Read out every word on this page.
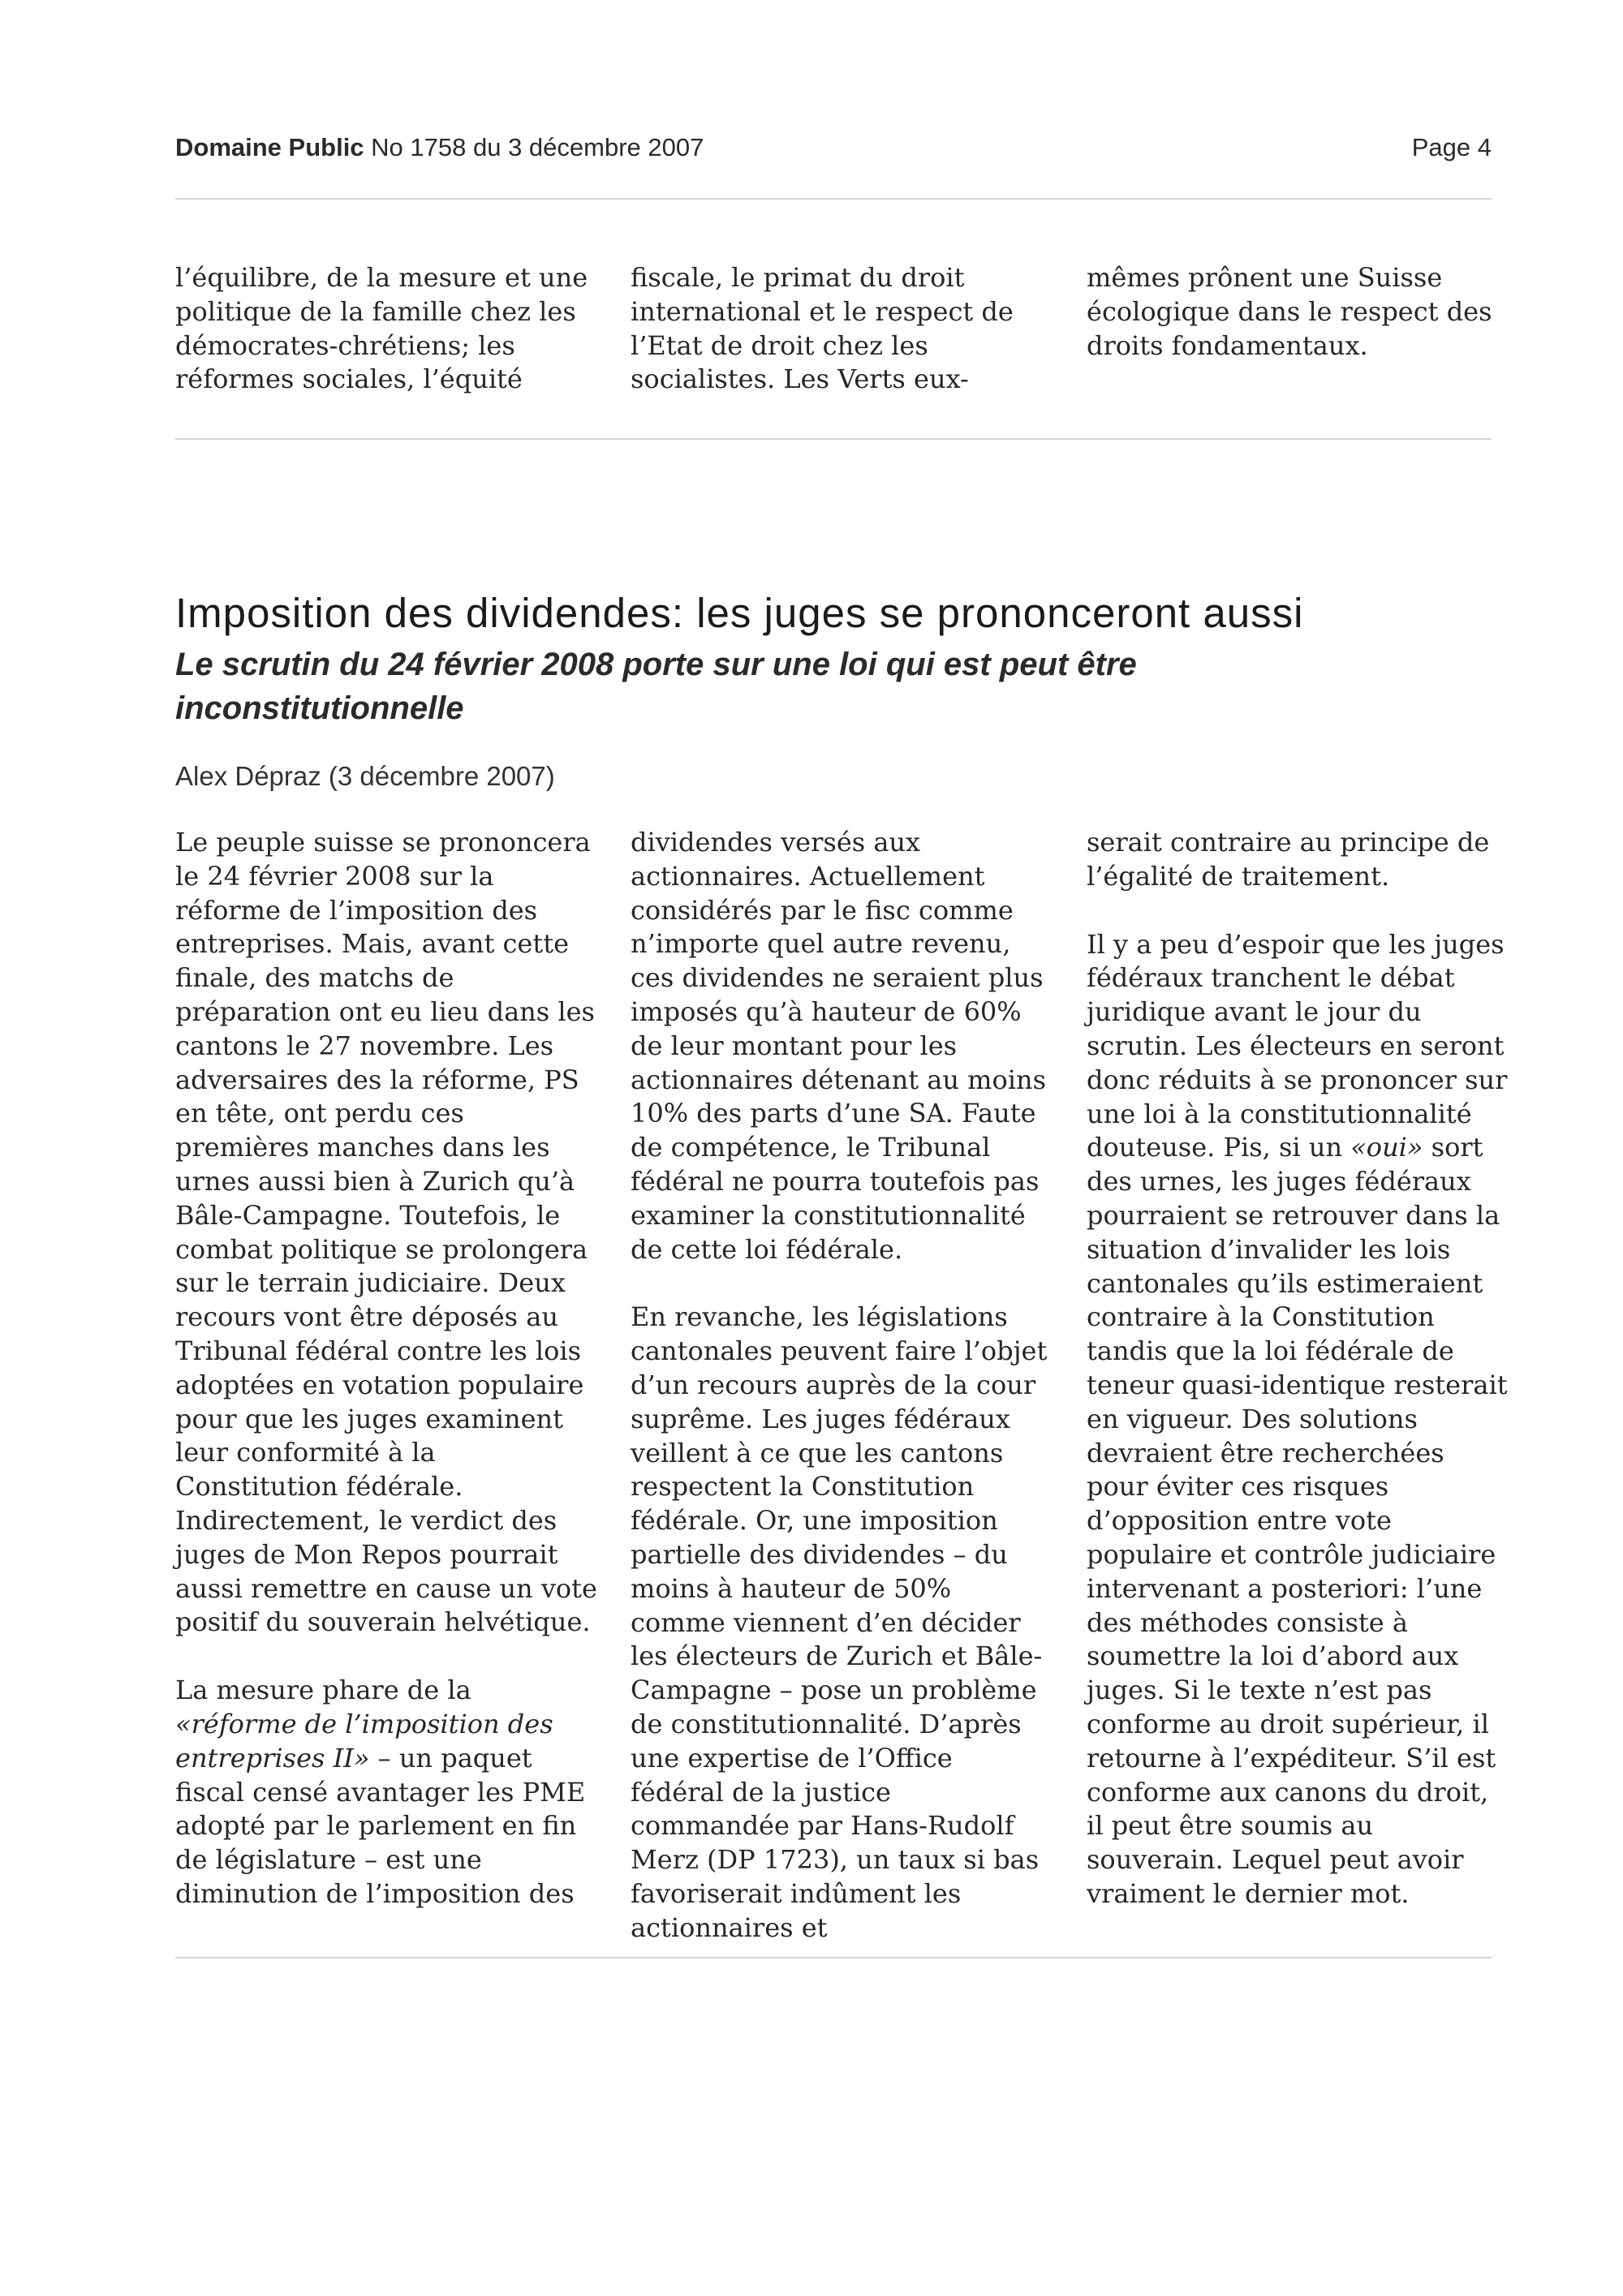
Domaine Public No 1758 du 3 décembre 2007	Page 4

l’équilibre, de la mesure et une politique de la famille chez les démocrates-chrétiens; les réformes sociales, l’équité

fiscale, le primat du droit international et le respect de l’Etat de droit chez les socialistes. Les Verts eux-

mêmes prônent une Suisse écologique dans le respect des droits fondamentaux.

Imposition des dividendes: les juges se prononceront aussi
Le scrutin du 24 février 2008 porte sur une loi qui est peut être inconstitutionnelle
Alex Dépraz (3 décembre 2007)

Le peuple suisse se prononcera le 24 février 2008 sur la réforme de l’imposition des entreprises. Mais, avant cette finale, des matchs de préparation ont eu lieu dans les cantons le 27 novembre. Les adversaires des la réforme, PS en tête, ont perdu ces premières manches dans les urnes aussi bien à Zurich qu’à Bâle-Campagne. Toutefois, le combat politique se prolongera sur le terrain judiciaire. Deux recours vont être déposés au Tribunal fédéral contre les lois adoptées en votation populaire pour que les juges examinent leur conformité à la Constitution fédérale. Indirectement, le verdict des juges de Mon Repos pourrait aussi remettre en cause un vote positif du souverain helvétique.

La mesure phare de la «réforme de l’imposition des entreprises II» – un paquet fiscal censé avantager les PME adopté par le parlement en fin de législature – est une diminution de l’imposition des

dividendes versés aux actionnaires. Actuellement considérés par le fisc comme n’importe quel autre revenu, ces dividendes ne seraient plus imposés qu’à hauteur de 60% de leur montant pour les actionnaires détenant au moins 10% des parts d’une SA. Faute de compétence, le Tribunal fédéral ne pourra toutefois pas examiner la constitutionnalité de cette loi fédérale.

En revanche, les législations cantonales peuvent faire l’objet d’un recours auprès de la cour suprême. Les juges fédéraux veillent à ce que les cantons respectent la Constitution fédérale. Or, une imposition partielle des dividendes – du moins à hauteur de 50% comme viennent d’en décider les électeurs de Zurich et Bâle-Campagne – pose un problème de constitutionnalité. D’après une expertise de l’Office fédéral de la justice commandée par Hans-Rudolf Merz (DP 1723), un taux si bas favoriserait indûment les actionnaires et

serait contraire au principe de l’égalité de traitement.

Il y a peu d’espoir que les juges fédéraux tranchent le débat juridique avant le jour du scrutin. Les électeurs en seront donc réduits à se prononcer sur une loi à la constitutionnalité douteuse. Pis, si un «oui» sort des urnes, les juges fédéraux pourraient se retrouver dans la situation d’invalider les lois cantonales qu’ils estimeraient contraire à la Constitution tandis que la loi fédérale de teneur quasi-identique resterait en vigueur. Des solutions devraient être recherchées pour éviter ces risques d’opposition entre vote populaire et contrôle judiciaire intervenant a posteriori: l’une des méthodes consiste à soumettre la loi d’abord aux juges. Si le texte n’est pas conforme au droit supérieur, il retourne à l’expéditeur. S’il est conforme aux canons du droit, il peut être soumis au souverain. Lequel peut avoir vraiment le dernier mot.
